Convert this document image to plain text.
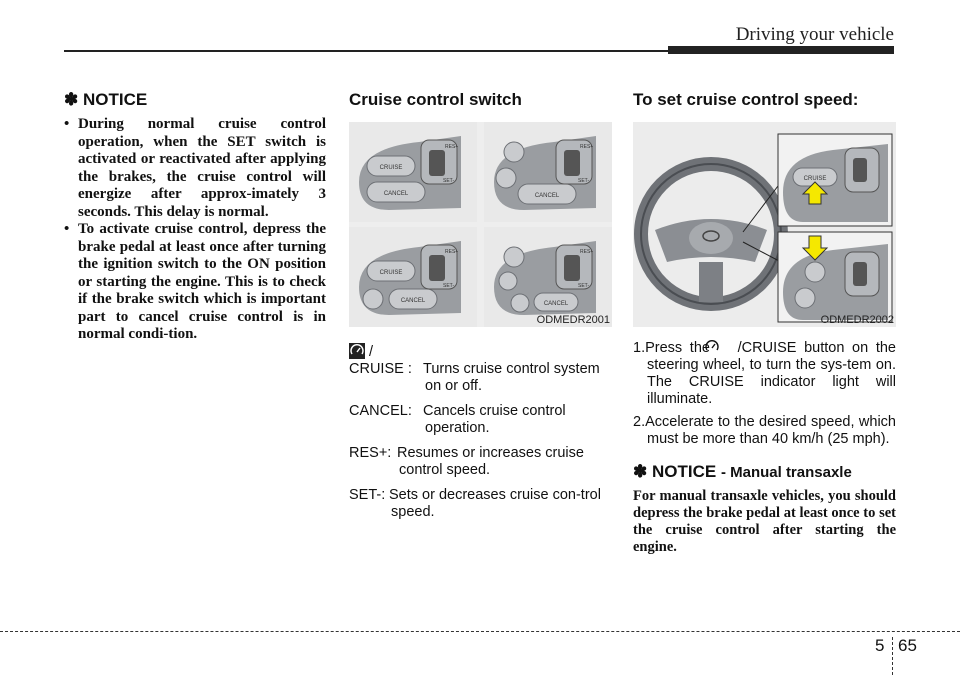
Driving your vehicle
✽ NOTICE
• During normal cruise control operation, when the SET switch is activated or reactivated after applying the brakes, the cruise control will energize after approx-imately 3 seconds. This delay is normal.
• To activate cruise control, depress the brake pedal at least once after turning the ignition switch to the ON position or starting the engine. This is to check if the brake switch which is important part to cancel cruise control is in normal condi-tion.
Cruise control switch
CRUISE
CANCEL
RES+
SET-
CANCEL
RES+
SET-
CRUISE
CANCEL
RES+
SET-
CANCEL
RES+
SET-
ODMEDR2001

/ CRUISE : Turns cruise control system on or off.

CANCEL: Cancels cruise control operation.

RES+: Resumes or increases cruise control speed.

SET-: Sets or decreases cruise con-trol speed.

To set cruise control speed:
CRUISE
ODMEDR2002

1.Press the /CRUISE button on the steering wheel, to turn the sys-tem on. The CRUISE indicator light will illuminate.

2.Accelerate to the desired speed, which must be more than 40 km/h (25 mph).

✽ NOTICE - Manual transaxle
For manual transaxle vehicles, you should depress the brake pedal at least once to set the cruise control after starting the engine.
5 65
